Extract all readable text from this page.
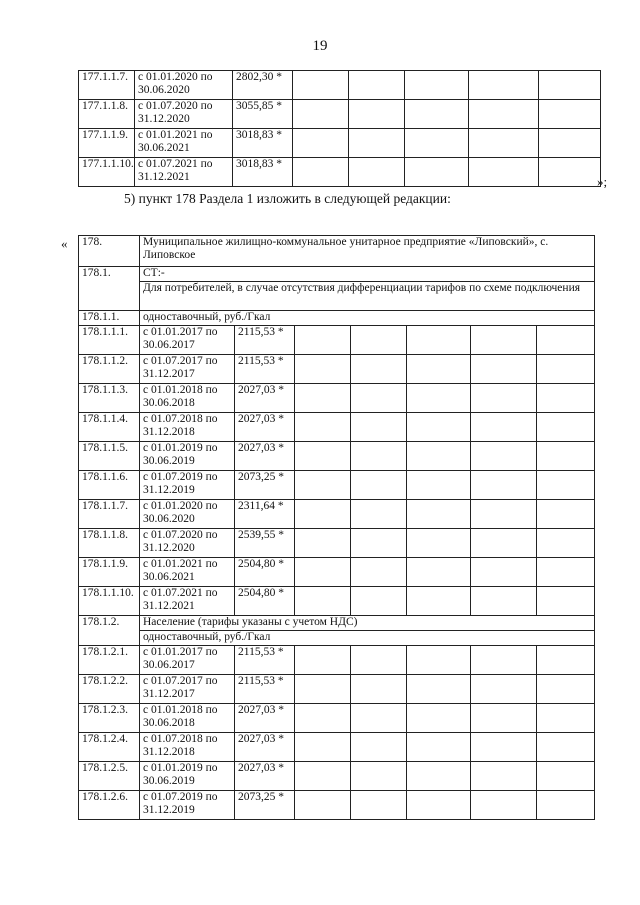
19
177.1.1.7.	с 01.01.2020 по 30.06.2020	2802,30 *					
177.1.1.8.	с 01.07.2020 по 31.12.2020	3055,85 *					
177.1.1.9.	с 01.01.2021 по 30.06.2021	3018,83 *					
177.1.1.10.	с 01.07.2021 по 31.12.2021	3018,83 *					
»;
5) пункт 178 Раздела 1 изложить в следующей редакции:
« 178.	Муниципальное жилищно-коммунальное унитарное предприятие «Липовский», с. Липовское						
178.1.	СТ:-						
	Для потребителей, в случае отсутствия дифференциации тарифов по схеме подключения						
178.1.1.	одноставочный, руб./Гкал						
178.1.1.1.	с 01.01.2017 по 30.06.2017	2115,53 *					
178.1.1.2.	с 01.07.2017 по 31.12.2017	2115,53 *					
178.1.1.3.	с 01.01.2018 по 30.06.2018	2027,03 *					
178.1.1.4.	с 01.07.2018 по 31.12.2018	2027,03 *					
178.1.1.5.	с 01.01.2019 по 30.06.2019	2027,03 *					
178.1.1.6.	с 01.07.2019 по 31.12.2019	2073,25 *					
178.1.1.7.	с 01.01.2020 по 30.06.2020	2311,64 *					
178.1.1.8.	с 01.07.2020 по 31.12.2020	2539,55 *					
178.1.1.9.	с 01.01.2021 по 30.06.2021	2504,80 *					
178.1.1.10.	с 01.07.2021 по 31.12.2021	2504,80 *					
178.1.2.	Население (тарифы указаны с учетом НДС)						
	одноставочный, руб./Гкал						
178.1.2.1.	с 01.01.2017 по 30.06.2017	2115,53 *					
178.1.2.2.	с 01.07.2017 по 31.12.2017	2115,53 *					
178.1.2.3.	с 01.01.2018 по 30.06.2018	2027,03 *					
178.1.2.4.	с 01.07.2018 по 31.12.2018	2027,03 *					
178.1.2.5.	с 01.01.2019 по 30.06.2019	2027,03 *					
178.1.2.6.	с 01.07.2019 по 31.12.2019	2073,25 *					
